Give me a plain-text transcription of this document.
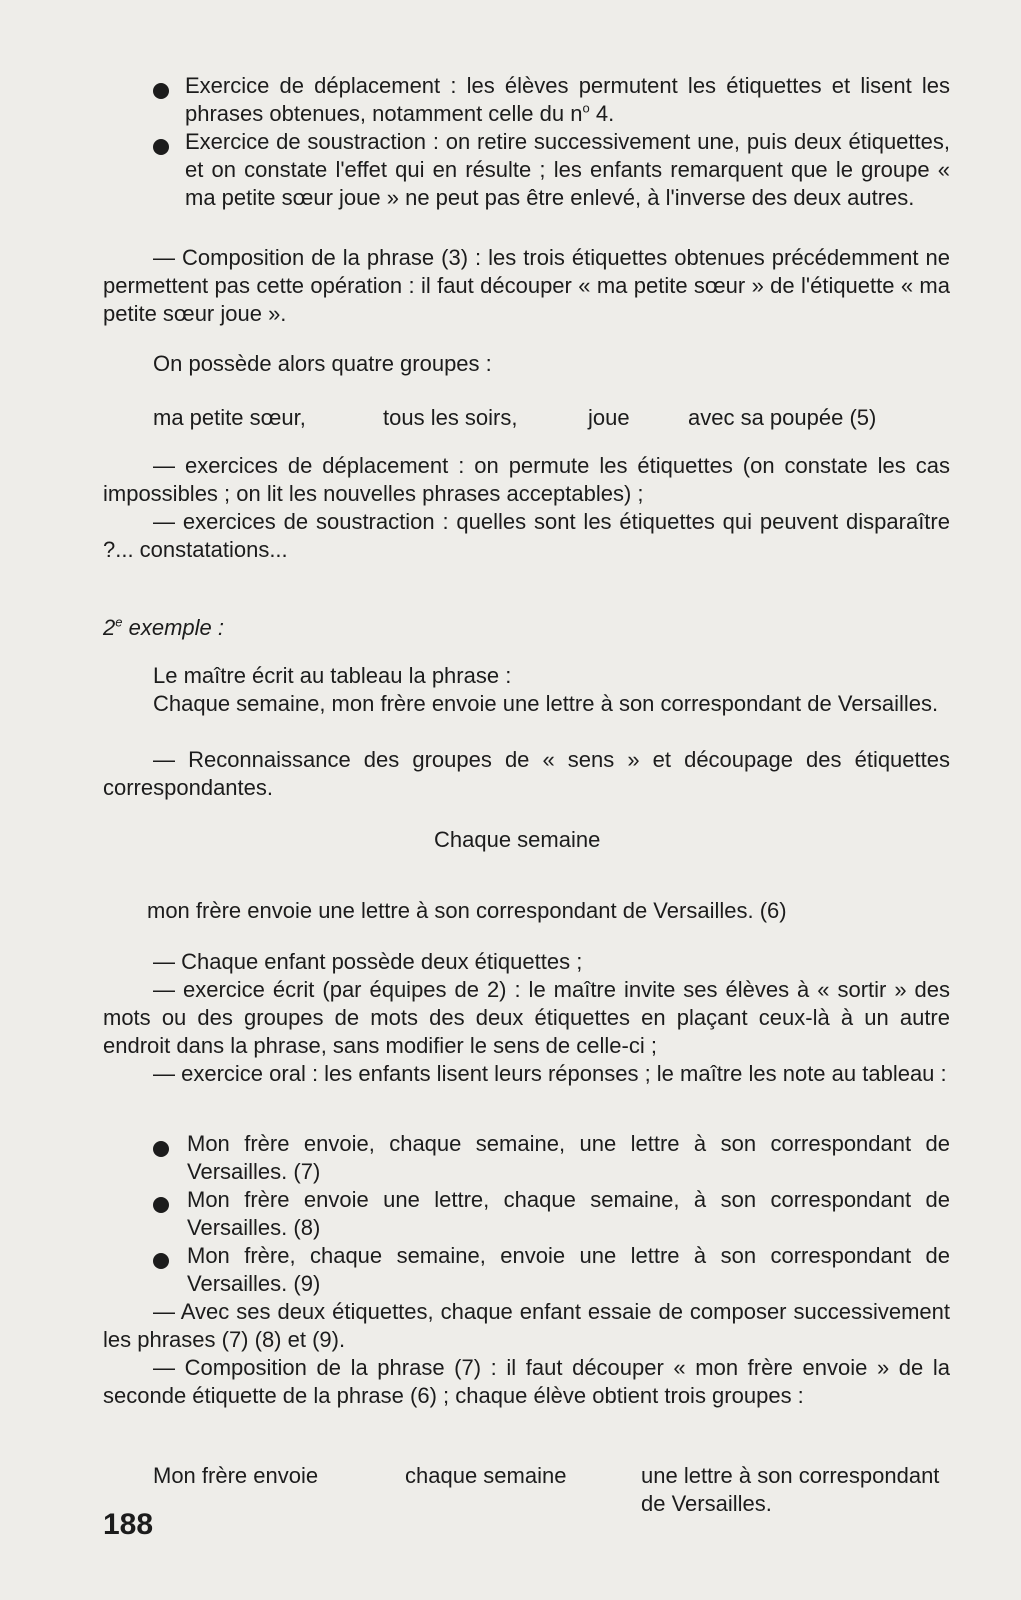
Exercice de déplacement : les élèves permutent les étiquettes et lisent les phrases obtenues, notamment celle du $n^o$ 4.

Exercice de soustraction : on retire successivement une, puis deux étiquettes, et on constate l'effet qui en résulte ; les enfants remarquent que le groupe « ma petite sœur joue » ne peut pas être enlevé, à l'inverse des deux autres.

— Composition de la phrase (3) : les trois étiquettes obtenues précédemment ne permettent pas cette opération : il faut découper « ma petite sœur » de l'étiquette « ma petite sœur joue ».

On possède alors quatre groupes :

ma petite sœur,	tous les soirs,	joue	avec sa poupée (5)

— exercices de déplacement : on permute les étiquettes (on constate les cas impossibles ; on lit les nouvelles phrases acceptables) ;

— exercices de soustraction : quelles sont les étiquettes qui peuvent disparaître ?... constatations...

2e exemple :

Le maître écrit au tableau la phrase :

Chaque semaine, mon frère envoie une lettre à son correspondant de Versailles.

— Reconnaissance des groupes de « sens » et découpage des étiquettes correspondantes.

Chaque semaine
mon frère envoie une lettre à son correspondant de Versailles. (6)

— Chaque enfant possède deux étiquettes ;

— exercice écrit (par équipes de 2) : le maître invite ses élèves à « sortir » des mots ou des groupes de mots des deux étiquettes en plaçant ceux-là à un autre endroit dans la phrase, sans modifier le sens de celle-ci ;

— exercice oral : les enfants lisent leurs réponses ; le maître les note au tableau :

Mon frère envoie, chaque semaine, une lettre à son correspondant de Versailles. (7)

Mon frère envoie une lettre, chaque semaine, à son correspondant de Versailles. (8)

Mon frère, chaque semaine, envoie une lettre à son correspondant de Versailles. (9)

— Avec ses deux étiquettes, chaque enfant essaie de composer successivement les phrases (7) (8) et (9).

— Composition de la phrase (7) : il faut découper « mon frère envoie » de la seconde étiquette de la phrase (6) ; chaque élève obtient trois groupes :

Mon frère envoie	chaque semaine	une lettre à son correspondant de Versailles.

188
